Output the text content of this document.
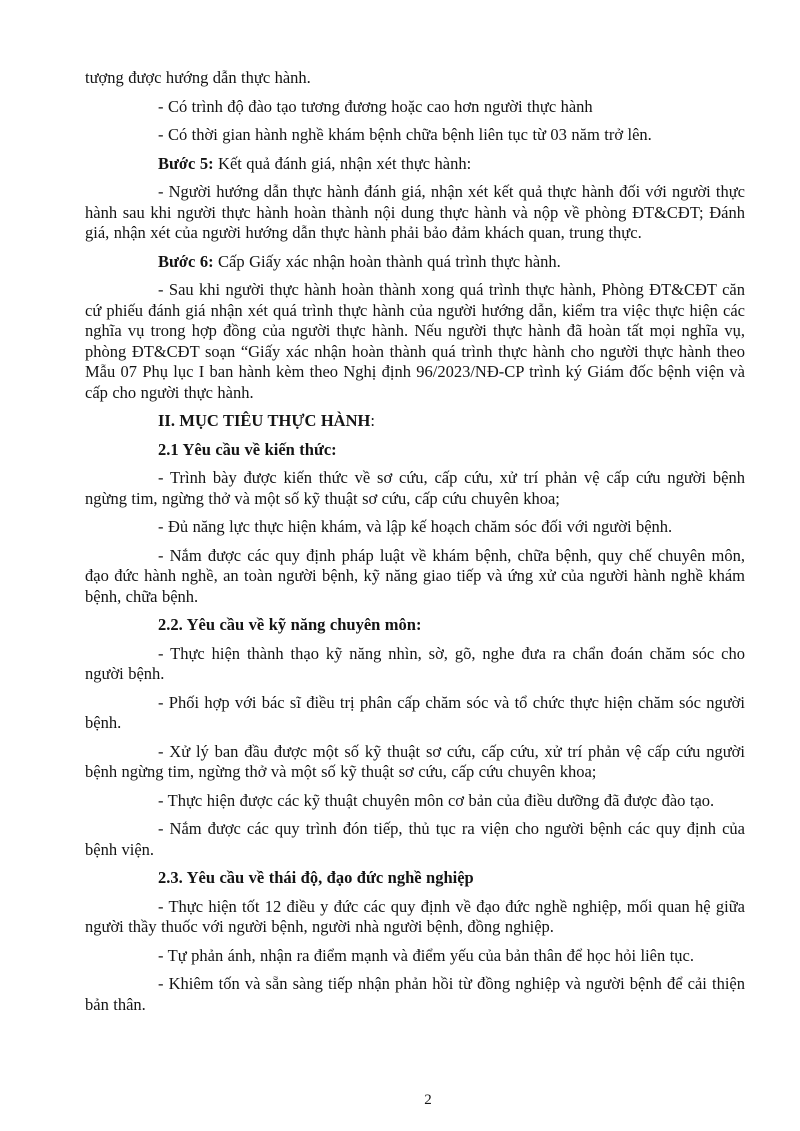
tượng được hướng dẫn thực hành.

- Có trình độ đào tạo tương đương hoặc cao hơn người thực hành

- Có thời gian hành nghề khám bệnh chữa bệnh liên tục từ 03 năm trở lên.

Bước 5: Kết quả đánh giá, nhận xét thực hành:

- Người hướng dẫn thực hành đánh giá, nhận xét kết quả thực hành đối với người thực hành sau khi người thực hành hoàn thành nội dung thực hành và nộp về phòng ĐT&CĐT; Đánh giá, nhận xét của người hướng dẫn thực hành phải bảo đảm khách quan, trung thực.

Bước 6: Cấp Giấy xác nhận hoàn thành quá trình thực hành.

- Sau khi người thực hành hoàn thành xong quá trình thực hành, Phòng ĐT&CĐT căn cứ phiếu đánh giá nhận xét quá trình thực hành của người hướng dẫn, kiểm tra việc thực hiện các nghĩa vụ trong hợp đồng của người thực hành. Nếu người thực hành đã hoàn tất mọi nghĩa vụ, phòng ĐT&CĐT soạn “Giấy xác nhận hoàn thành quá trình thực hành cho người thực hành theo Mẫu 07 Phụ lục I ban hành kèm theo Nghị định 96/2023/NĐ-CP trình ký Giám đốc bệnh viện và cấp cho người thực hành.

II. MỤC TIÊU THỰC HÀNH:

2.1 Yêu cầu về kiến thức:

- Trình bày được kiến thức về sơ cứu, cấp cứu, xử trí phản vệ cấp cứu người bệnh ngừng tim, ngừng thở và một số kỹ thuật sơ cứu, cấp cứu chuyên khoa;

- Đủ năng lực thực hiện khám, và lập kế hoạch chăm sóc đối với người bệnh.

- Nắm được các quy định pháp luật về khám bệnh, chữa bệnh, quy chế chuyên môn, đạo đức hành nghề, an toàn người bệnh, kỹ năng giao tiếp và ứng xử của người hành nghề khám bệnh, chữa bệnh.

2.2. Yêu cầu về kỹ năng chuyên môn:

- Thực hiện thành thạo kỹ năng nhìn, sờ, gõ, nghe đưa ra chẩn đoán chăm sóc cho người bệnh.

- Phối hợp với bác sĩ điều trị phân cấp chăm sóc và tổ chức thực hiện chăm sóc người bệnh.

- Xử lý ban đầu được một số kỹ thuật sơ cứu, cấp cứu, xử trí phản vệ cấp cứu người bệnh ngừng tim, ngừng thở và một số kỹ thuật sơ cứu, cấp cứu chuyên khoa;

- Thực hiện được các kỹ thuật chuyên môn cơ bản của điều dưỡng đã được đào tạo.

- Nắm được các quy trình đón tiếp, thủ tục ra viện cho người bệnh các quy định của bệnh viện.

2.3. Yêu cầu về thái độ, đạo đức nghề nghiệp

- Thực hiện tốt 12 điều y đức các quy định về đạo đức nghề nghiệp, mối quan hệ giữa người thầy thuốc với người bệnh, người nhà người bệnh, đồng nghiệp.

- Tự phản ánh, nhận ra điểm mạnh và điểm yếu của bản thân để học hỏi liên tục.

- Khiêm tốn và sẵn sàng tiếp nhận phản hồi từ đồng nghiệp và người bệnh để cải thiện bản thân.

2
